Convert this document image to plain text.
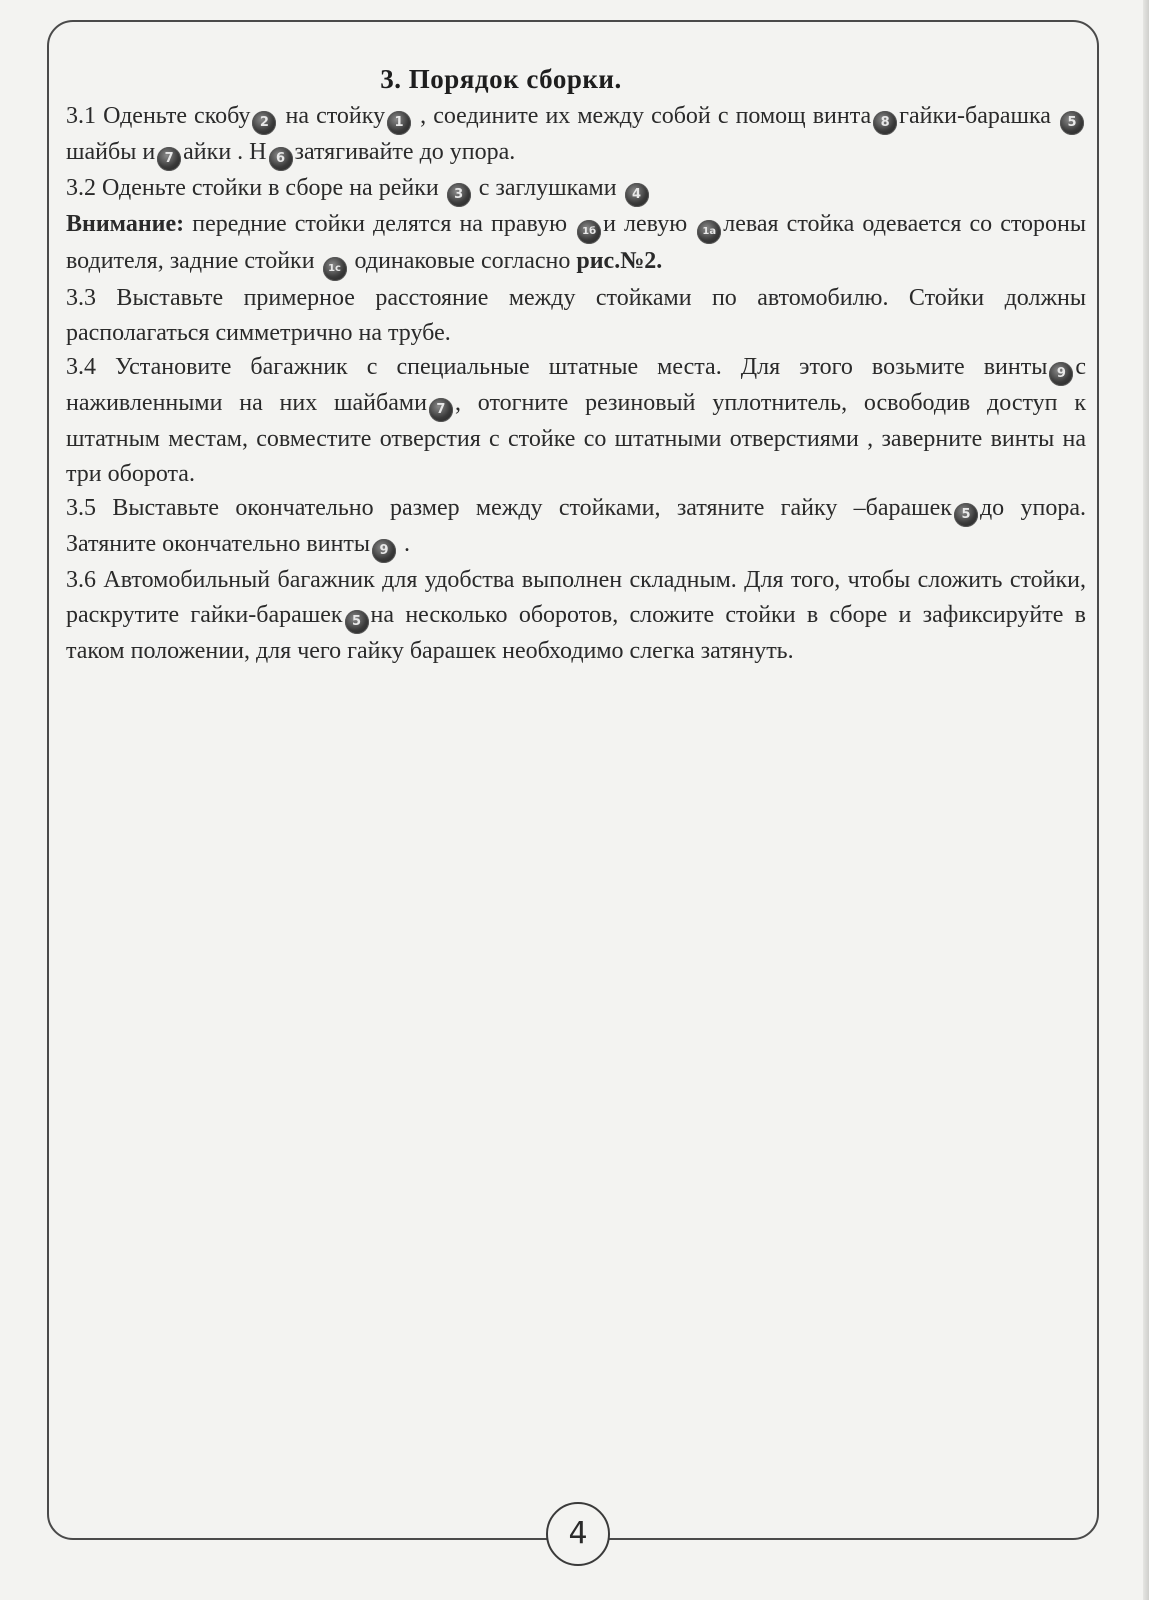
3. Порядок сборки.

3.1 Оденьте скобу 2 на стойку 1 , соедините их между собой с помощ винта 8 гайки-барашка 5шайбы и 7 айки . Н 6 затягивайте до упора.

3.2 Оденьте стойки в сборе на рейки 3 с заглушками 4

Внимание: передние стойки делятся на правую 1б и левую 1а левая стойка одевается со стороны водителя, задние стойки 1с одинаковые согласно рис.№2.

3.3 Выставьте примерное расстояние между стойками по автомобилю. Стойки должны располагаться симметрично на трубе.

3.4 Установите багажник с специальные штатные места. Для этого возьмите винты 9 с наживленными на них шайбами 7 , отогните резиновый уплотнитель, освободив доступ к штатным местам, совместите отверстия с стойке со штатными отверстиями , заверните винты на три оборота.

3.5 Выставьте окончательно размер между стойками, затяните гайку –барашек 5 до упора. Затяните окончательно винты 9 .

3.6 Автомобильный багажник для удобства выполнен складным. Для того, чтобы сложить стойки, раскрутите гайки-барашек 5 на несколько оборотов, сложите стойки в сборе и зафиксируйте в таком положении, для чего гайку барашек необходимо слегка затянуть.

4
